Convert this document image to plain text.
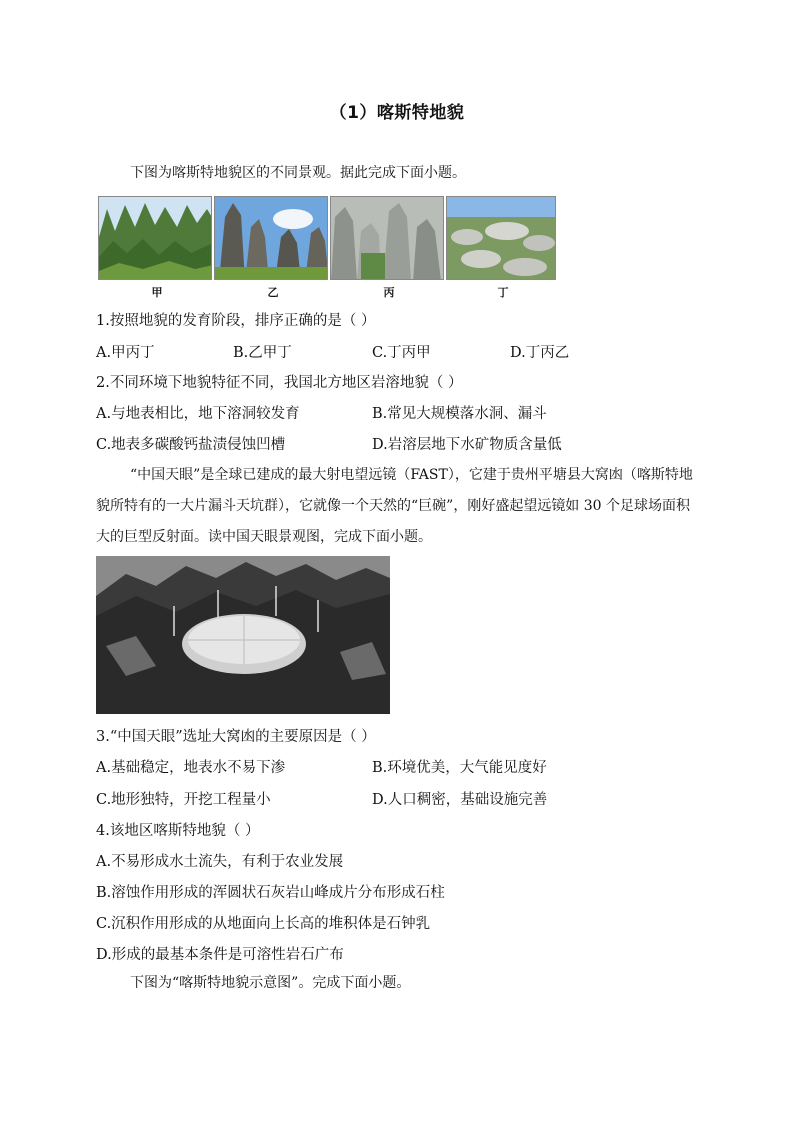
（1）喀斯特地貌
下图为喀斯特地貌区的不同景观。据此完成下面小题。
甲	乙	丙	丁
1.按照地貌的发育阶段，排序正确的是（ ）
A.甲丙丁	B.乙甲丁	C.丁丙甲	D.丁丙乙
2.不同环境下地貌特征不同，我国北方地区岩溶地貌（ ）
A.与地表相比，地下溶洞较发育	B.常见大规模落水洞、漏斗
C.地表多碳酸钙盐渍侵蚀凹槽	D.岩溶层地下水矿物质含量低
“中国天眼”是全球已建成的最大射电望远镜（FAST），它建于贵州平塘县大窝凼（喀斯特地貌所特有的一大片漏斗天坑群），它就像一个天然的“巨碗”，刚好盛起望远镜如 30 个足球场面积大的巨型反射面。读中国天眼景观图，完成下面小题。
3.“中国天眼”选址大窝凼的主要原因是（ ）
A.基础稳定，地表水不易下渗	B.环境优美，大气能见度好
C.地形独特，开挖工程量小	D.人口稠密，基础设施完善
4.该地区喀斯特地貌（ ）
A.不易形成水土流失，有利于农业发展
B.溶蚀作用形成的浑圆状石灰岩山峰成片分布形成石柱
C.沉积作用形成的从地面向上长高的堆积体是石钟乳
D.形成的最基本条件是可溶性岩石广布
下图为“喀斯特地貌示意图”。完成下面小题。
